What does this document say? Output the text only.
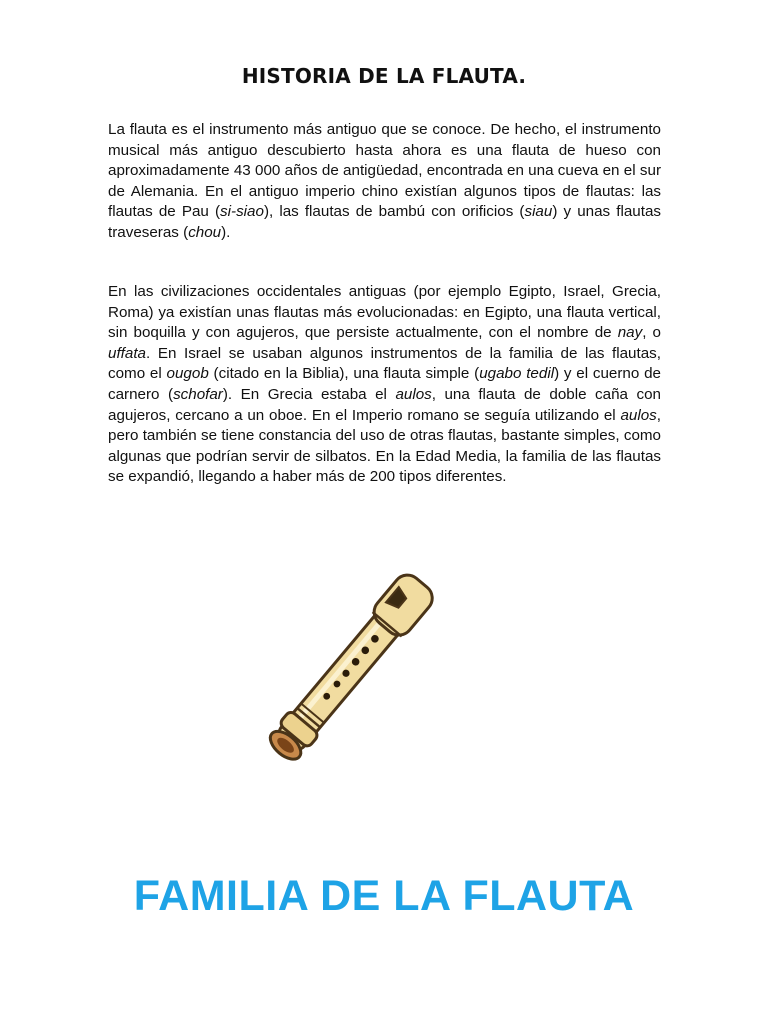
HISTORIA DE LA FLAUTA.

La flauta es el instrumento más antiguo que se conoce. De hecho, el instrumento musical más antiguo descubierto hasta ahora es una flauta de hueso con aproximadamente 43 000 años de antigüedad, encontrada en una cueva en el sur de Alemania. En el antiguo imperio chino existían algunos tipos de flautas: las flautas de Pau (si-siao), las flautas de bambú con orificios (siau) y unas flautas traveseras (chou).

En las civilizaciones occidentales antiguas (por ejemplo Egipto, Israel, Grecia, Roma) ya existían unas flautas más evolucionadas: en Egipto, una flauta vertical, sin boquilla y con agujeros, que persiste actualmente, con el nombre de nay, o uffata. En Israel se usaban algunos instrumentos de la familia de las flautas, como el ougob (citado en la Biblia), una flauta simple (ugabo tedil) y el cuerno de carnero (schofar). En Grecia estaba el aulos, una flauta de doble caña con agujeros, cercano a un oboe. En el Imperio romano se seguía utilizando el aulos, pero también se tiene constancia del uso de otras flautas, bastante simples, como algunas que podrían servir de silbatos. En la Edad Media, la familia de las flautas se expandió, llegando a haber más de 200 tipos diferentes.

FAMILIA DE LA FLAUTA
